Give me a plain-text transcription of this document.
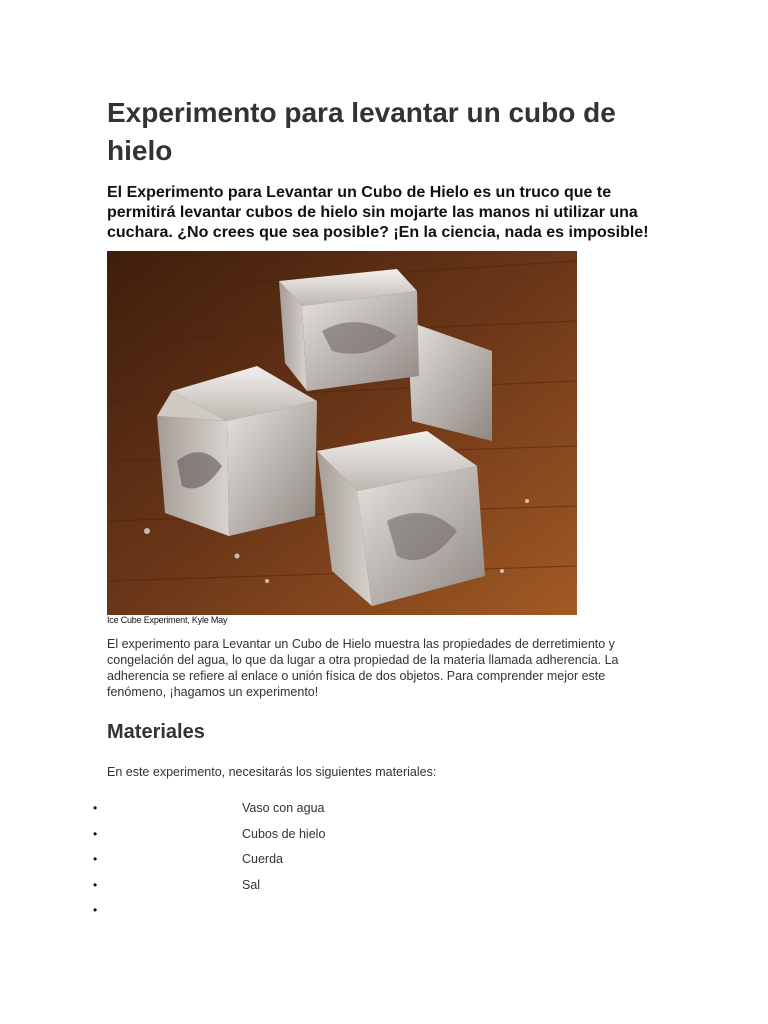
Experimento para levantar un cubo de hielo

El Experimento para Levantar un Cubo de Hielo es un truco que te permitirá levantar cubos de hielo sin mojarte las manos ni utilizar una cuchara. ¿No crees que sea posible? ¡En la ciencia, nada es imposible!

Ice Cube Experiment, Kyle May

El experimento para Levantar un Cubo de Hielo muestra las propiedades de derretimiento y congelación del agua, lo que da lugar a otra propiedad de la materia llamada adherencia. La adherencia se refiere al enlace o unión física de dos objetos. Para comprender mejor este fenómeno, ¡hagamos un experimento!

Materiales

En este experimento, necesitarás los siguientes materiales:

•	Vaso con agua
•	Cubos de hielo
•	Cuerda
•	Sal
•
